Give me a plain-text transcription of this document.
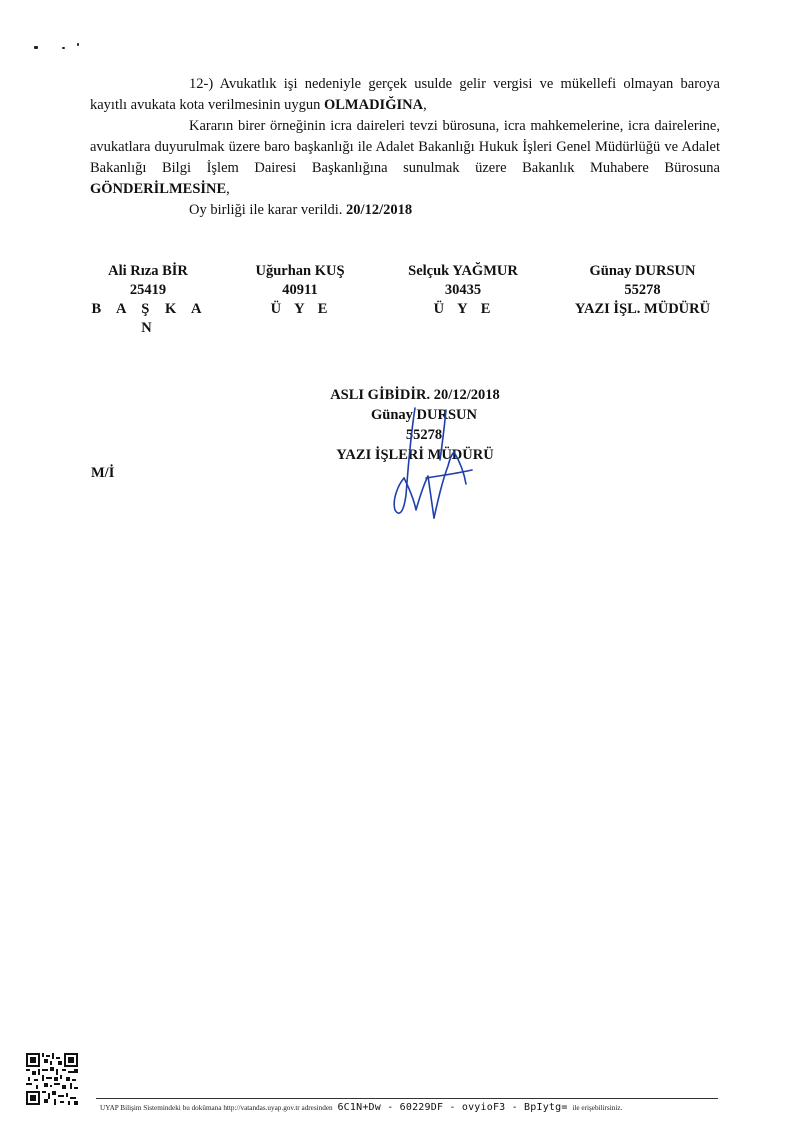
12-) Avukatlık işi nedeniyle gerçek usulde gelir vergisi ve mükellefi olmayan baroya kayıtlı avukata kota verilmesinin uygun OLMADIĞINA,

Kararın birer örneğinin icra daireleri tevzi bürosuna, icra mahkemelerine, icra dairelerine, avukatlara duyurulmak üzere baro başkanlığı ile Adalet Bakanlığı Hukuk İşleri Genel Müdürlüğü ve Adalet Bakanlığı Bilgi İşlem Dairesi Başkanlığına sunulmak üzere Bakanlık Muhabere Bürosuna GÖNDERİLMESİNE,

Oy birliği ile karar verildi. 20/12/2018

Ali Rıza BİR
25419
B A Ş K A N
Uğurhan KUŞ
40911
Ü Y E
Selçuk YAĞMUR
30435
Ü Y E
Günay DURSUN
55278
YAZI İŞL. MÜDÜRÜ
ASLI GİBİDİR. 20/12/2018
Günay DURSUN
55278
YAZI İŞLERİ MÜDÜRÜ
M/İ
UYAP Bilişim Sistemindeki bu dokümana http://vatandas.uyap.gov.tr adresinden 6C1N+Dw - 60229DF - ovyioF3 - BpIytg= ile erişebilirsiniz.
